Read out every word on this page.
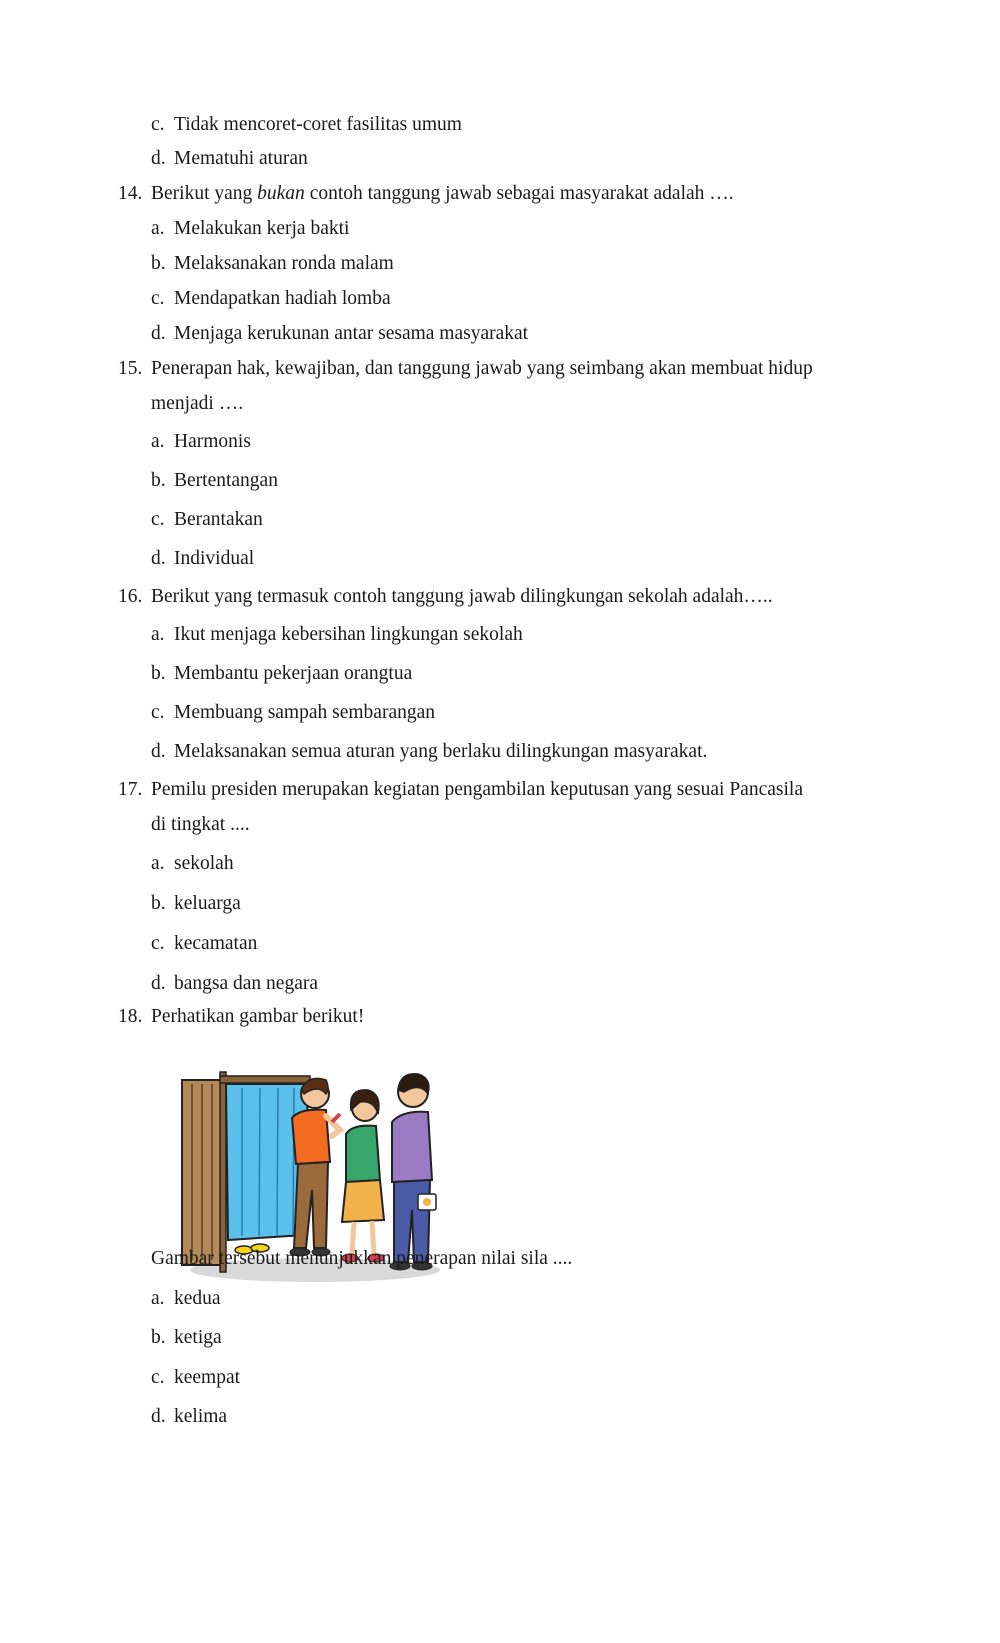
c. Tidak mencoret-coret fasilitas umum
d. Mematuhi aturan
14. Berikut yang bukan contoh tanggung jawab sebagai masyarakat adalah ….
a. Melakukan kerja bakti
b. Melaksanakan ronda malam
c. Mendapatkan hadiah lomba
d. Menjaga kerukunan antar sesama masyarakat
15. Penerapan hak, kewajiban, dan tanggung jawab yang seimbang akan membuat hidup
menjadi ….
a. Harmonis
b. Bertentangan
c. Berantakan
d. Individual
16. Berikut yang termasuk contoh tanggung jawab dilingkungan sekolah adalah…..
a. Ikut menjaga kebersihan lingkungan sekolah
b. Membantu pekerjaan orangtua
c. Membuang sampah sembarangan
d. Melaksanakan semua aturan yang berlaku dilingkungan masyarakat.
17. Pemilu presiden merupakan kegiatan pengambilan keputusan yang sesuai Pancasila
di tingkat ....
a. sekolah
b. keluarga
c. kecamatan
d. bangsa dan negara
18. Perhatikan gambar berikut!
Gambar tersebut menunjukkan penerapan nilai sila ....
a. kedua
b. ketiga
c. keempat
d. kelima
